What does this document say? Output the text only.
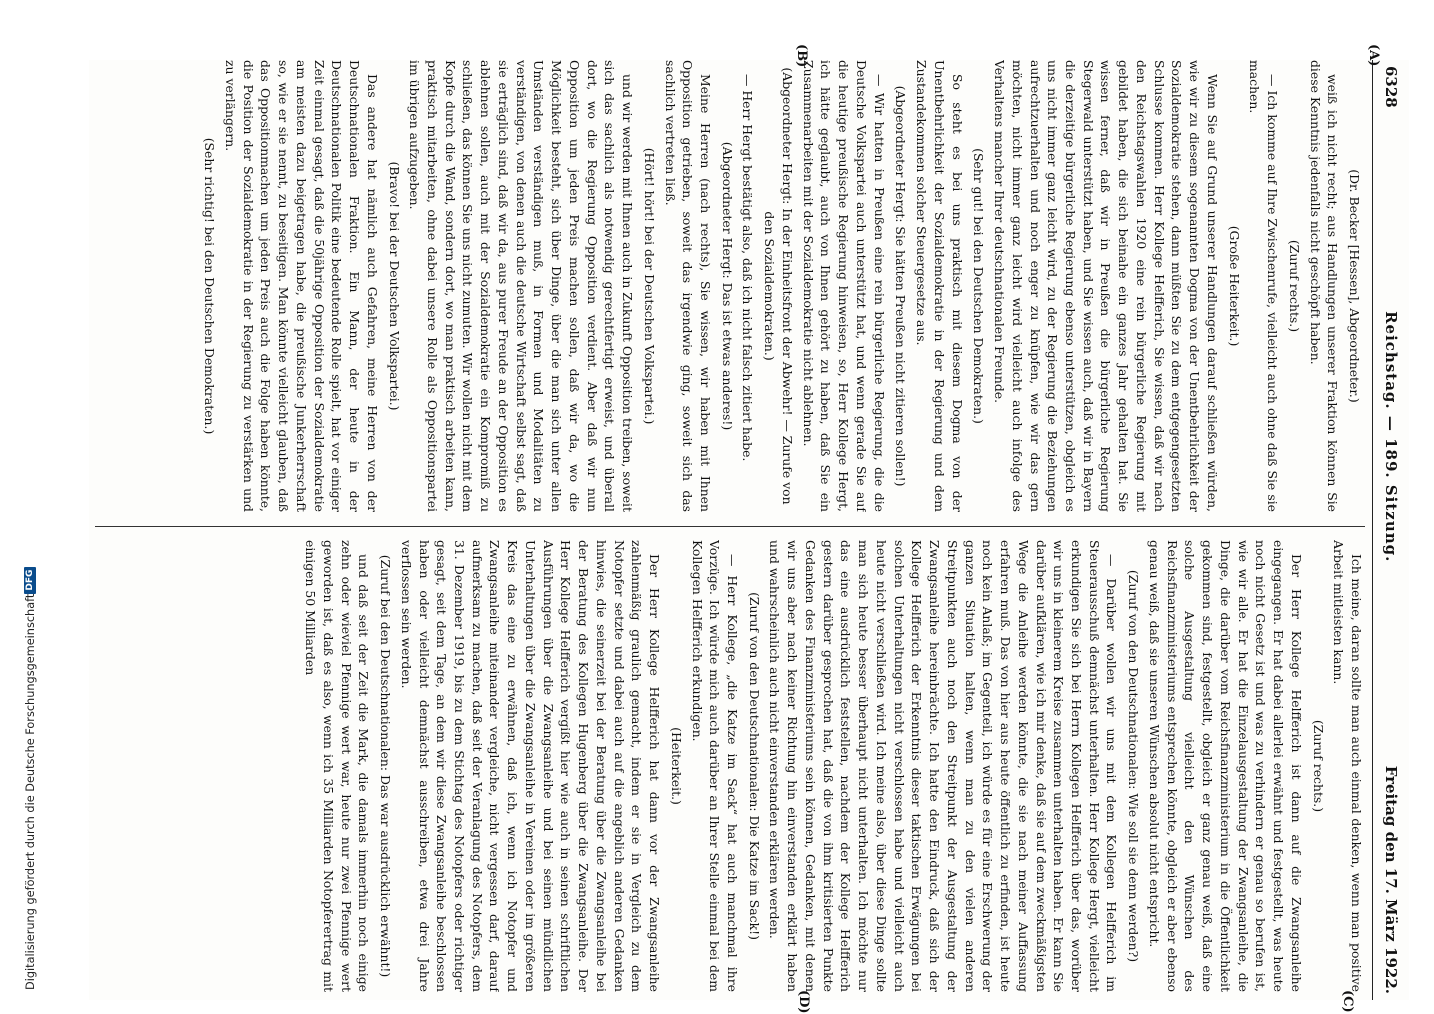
6328
Reichstag. — 189. Sitzung.
Freitag den 17. März 1922.

(Dr. Becker [Hessen], Abgeordneter.)

weiß ich nicht recht; aus Handlungen unserer Fraktion können Sie diese Kenntnis jedenfalls nicht geschöpft haben.

(Zuruf rechts.)

— Ich komme auf Ihre Zwischenrufe, vielleicht auch ohne daß Sie sie machen.

(Große Heiterkeit.)

Wenn Sie auf Grund unserer Handlungen darauf schließen würden, wie wir zu diesem sogenannten Dogma von der Unentbehrlichkeit der Sozialdemokratie stehen, dann müßten Sie zu dem entgegengesetzten Schlusse kommen. Herr Kollege Helfferich, Sie wissen, daß wir nach den Reichstagswahlen 1920 eine rein bürgerliche Regierung mit gebildet haben, die sich beinahe ein ganzes Jahr gehalten hat. Sie wissen ferner, daß wir in Preußen die bürgerliche Regierung Stegerwald unterstützt haben, und Sie wissen auch, daß wir in Bayern die derzeitige bürgerliche Regierung ebenso unterstützen, obgleich es uns nicht immer ganz leicht wird, zu der Regierung die Beziehungen aufrechtzuerhalten und noch enger zu knüpfen, wie wir das gern möchten, nicht immer ganz leicht wird vielleicht auch infolge des Verhaltens mancher Ihrer deutschnationalen Freunde.

(Sehr gut! bei den Deutschen Demokraten.)

So steht es bei uns praktisch mit diesem Dogma von der Unentbehrlichkeit der Sozialdemokratie in der Regierung und dem Zustandekommen solcher Steuergesetze aus.

(Abgeordneter Hergt: Sie hätten Preußen nicht zitieren sollen!)

— Wir hatten in Preußen eine rein bürgerliche Regierung, die die Deutsche Volkspartei auch unterstützt hat, und wenn gerade Sie auf die heutige preußische Regierung hinweisen, so, Herr Kollege Hergt, ich hätte geglaubt, auch von Ihnen gehört zu haben, daß Sie ein Zusammenarbeiten mit der Sozialdemokratie nicht ablehnen.

(Abgeordneter Hergt: In der Einheitsfront der Abwehr! — Zurufe von den Sozialdemokraten.)

— Herr Hergt bestätigt also, daß ich nicht falsch zitiert habe.

(Abgeordneter Hergt: Das ist etwas anderes!)

Meine Herren (nach rechts), Sie wissen, wir haben mit Ihnen Opposition getrieben, soweit das irgendwie ging, soweit sich das sachlich vertreten ließ.

(Hört! hört! bei der Deutschen Volkspartei.)

und wir werden mit Ihnen auch in Zukunft Opposition treiben, soweit sich das sachlich als notwendig gerechtfertigt erweist, und überall dort, wo die Regierung Opposition verdient. Aber daß wir nun Opposition um jeden Preis machen sollen, daß wir da, wo die Möglichkeit besteht, sich über Dinge, über die man sich unter allen Umständen verständigen muß, in Formen und Modalitäten zu verständigen, von denen auch die deutsche Wirtschaft selbst sagt, daß sie erträglich sind, daß wir da, aus purer Freude an der Opposition es ablehnen sollen, auch mit der Sozialdemokratie ein Kompromiß zu schließen, das können Sie uns nicht zumuten. Wir wollen nicht mit dem Kopfe durch die Wand, sondern dort, wo man praktisch arbeiten kann, praktisch mitarbeiten, ohne dabei unsere Rolle als Oppositionspartei im übrigen aufzugeben.

(Bravo! bei der Deutschen Volkspartei.)

Das andere hat nämlich auch Gefahren, meine Herren von der Deutschnationalen Fraktion. Ein Mann, der heute in der Deutschnationalen Politik eine bedeutende Rolle spielt, hat vor einiger Zeit einmal gesagt, daß die 50jährige Opposition der Sozialdemokratie am meisten dazu beigetragen habe, die preußische Junkerherrschaft so, wie er sie nennt, zu beseitigen. Man könnte vielleicht glauben, daß das Oppositionmachen um jeden Preis auch die Folge haben könnte, die Position der Sozialdemokratie in der Regierung zu verstärken und zu verlängern.

(Sehr richtig! bei den Deutschen Demokraten.)

Ich meine, daran sollte man auch einmal denken, wenn man positive Arbeit mitleisten kann.

(Zuruf rechts.)

Der Herr Kollege Helfferich ist dann auf die Zwangsanleihe eingegangen. Er hat dabei allerlei erwähnt und festgestellt, was heute noch nicht Gesetz ist und was zu verhindern er genau so berufen ist, wie wir alle. Er hat die Einzelausgestaltung der Zwangsanleihe, die Dinge, die darüber vom Reichsfinanzministerium in die Öffentlichkeit gekommen sind, festgestellt, obgleich er ganz genau weiß, daß eine solche Ausgestaltung vielleicht den Wünschen des Reichsfinanzministeriums entsprechen könnte, obgleich er aber ebenso genau weiß, daß sie unseren Wünschen absolut nicht entspricht.

(Zuruf von den Deutschnationalen: Wie soll sie denn werden?)

— Darüber wollen wir uns mit dem Kollegen Helfferich im Steuerausschuß demnächst unterhalten. Herr Kollege Hergt, vielleicht erkundigen Sie sich bei Herrn Kollegen Helfferich über das, worüber wir uns in kleinerem Kreise zusammen unterhalten haben. Er kann Sie darüber aufklären, wie ich mir denke, daß sie auf dem zweckmäßigsten Wege die Anleihe werden könnte, die sie nach meiner Auffassung erfahren muß. Das von hier aus heute öffentlich zu erfinden, ist heute noch kein Anlaß; im Gegenteil, ich würde es für eine Erschwerung der ganzen Situation halten, wenn man zu den vielen anderen Streitpunkten auch noch den Streitpunkt der Ausgestaltung der Zwangsanleihe hereinbrächte. Ich hatte den Eindruck, daß sich der Kollege Helfferich der Erkenntnis dieser taktischen Erwägungen bei solchen Unterhaltungen nicht verschlossen habe und vielleicht auch heute nicht verschließen wird. Ich meine also, über diese Dinge sollte man sich heute besser überhaupt nicht unterhalten. Ich möchte nur das eine ausdrücklich feststellen, nachdem der Kollege Helfferich gestern darüber gesprochen hat, daß die von ihm kritisierten Punkte Gedanken des Finanzministeriums sein können, Gedanken, mit denen wir uns aber nach keiner Richtung hin einverstanden erklärt haben und wahrscheinlich auch nicht einverstanden erklären werden.

(Zuruf von den Deutschnationalen: Die Katze im Sack!)

— Herr Kollege, „die Katze im Sack“ hat auch manchmal ihre Vorzüge. Ich würde mich auch darüber an Ihrer Stelle einmal bei dem Kollegen Helfferich erkundigen.

(Heiterkeit.)

Der Herr Kollege Helfferich hat dann vor der Zwangsanleihe zahlenmäßig graulich gemacht, indem er sie in Vergleich zu dem Notopfer setzte und dabei auch auf die angeblich anderen Gedanken hinwies, die seinerzeit bei der Beratung über die Zwangsanleihe bei der Beratung des Kollegen Hugenberg über die Zwangsanleihe. Der Herr Kollege Helfferich vergißt hier wie auch in seinen schriftlichen Ausführungen über die Zwangsanleihe und bei seinen mündlichen Unterhaltungen über die Zwangsanleihe in Vereinen oder im größeren Kreis das eine zu erwähnen, daß ich, wenn ich Notopfer und Zwangsanleihe miteinander vergleiche, nicht vergessen darf, darauf aufmerksam zu machen, daß seit der Veranlagung des Notopfers, dem 31. Dezember 1919, bis zu dem Stichtag des Notopfers oder richtiger gesagt, seit dem Tage, an dem wir diese Zwangsanleihe beschlossen haben oder vielleicht demnächst ausschreiben, etwa drei Jahre verflossen sein werden.

(Zuruf bei den Deutschnationalen: Das war ausdrücklich erwähnt!)

und daß seit der Zeit die Mark, die damals immerhin noch einige zehn oder wieviel Pfennige wert war, heute nur zwei Pfennige wert geworden ist, daß es also, wenn ich 35 Milliarden Notopferertrag mit einigen 50 Milliarden

(A)
(B)
(C)
(D)
Digitalisierung gefördert durch die Deutsche Forschungsgemeinschaft
DFG
